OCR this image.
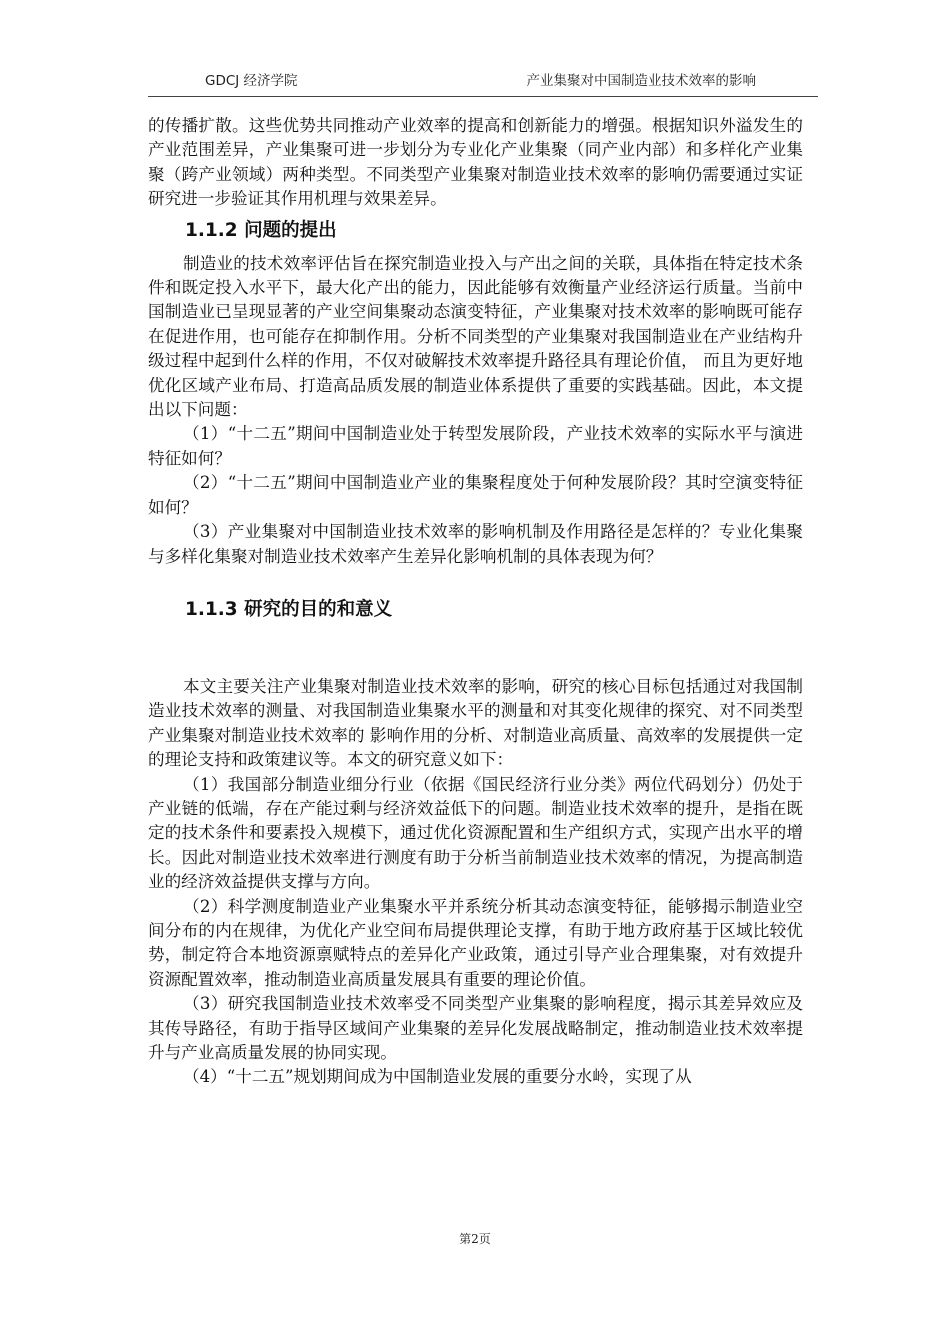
GDCJ 经济学院	产业集聚对中国制造业技术效率的影响

的传播扩散。这些优势共同推动产业效率的提高和创新能力的增强。根据知识外溢发生的产业范围差异，产业集聚可进一步划分为专业化产业集聚（同产业内部）和多样化产业集聚（跨产业领域）两种类型。不同类型产业集聚对制造业技术效率的影响仍需要通过实证研究进一步验证其作用机理与效果差异。

1.1.2 问题的提出

制造业的技术效率评估旨在探究制造业投入与产出之间的关联，具体指在特定技术条件和既定投入水平下，最大化产出的能力，因此能够有效衡量产业经济运行质量。当前中国制造业已呈现显著的产业空间集聚动态演变特征，产业集聚对技术效率的影响既可能存在促进作用，也可能存在抑制作用。分析不同类型的产业集聚对我国制造业在产业结构升级过程中起到什么样的作用，不仅对破解技术效率提升路径具有理论价值， 而且为更好地优化区域产业布局、打造高品质发展的制造业体系提供了重要的实践基础。因此，本文提出以下问题：

（1）“十二五”期间中国制造业处于转型发展阶段，产业技术效率的实际水平与演进特征如何？

（2）“十二五”期间中国制造业产业的集聚程度处于何种发展阶段？其时空演变特征如何？

（3）产业集聚对中国制造业技术效率的影响机制及作用路径是怎样的？专业化集聚与多样化集聚对制造业技术效率产生差异化影响机制的具体表现为何？

1.1.3 研究的目的和意义

本文主要关注产业集聚对制造业技术效率的影响，研究的核心目标包括通过对我国制造业技术效率的测量、对我国制造业集聚水平的测量和对其变化规律的探究、对不同类型产业集聚对制造业技术效率的 影响作用的分析、对制造业高质量、高效率的发展提供一定的理论支持和政策建议等。本文的研究意义如下：

（1）我国部分制造业细分行业（依据《国民经济行业分类》两位代码划分）仍处于产业链的低端，存在产能过剩与经济效益低下的问题。制造业技术效率的提升，是指在既定的技术条件和要素投入规模下，通过优化资源配置和生产组织方式，实现产出水平的增长。因此对制造业技术效率进行测度有助于分析当前制造业技术效率的情况，为提高制造业的经济效益提供支撑与方向。

（2）科学测度制造业产业集聚水平并系统分析其动态演变特征，能够揭示制造业空间分布的内在规律，为优化产业空间布局提供理论支撑，有助于地方政府基于区域比较优势，制定符合本地资源禀赋特点的差异化产业政策，通过引导产业合理集聚，对有效提升资源配置效率，推动制造业高质量发展具有重要的理论价值。

（3）研究我国制造业技术效率受不同类型产业集聚的影响程度，揭示其差异效应及其传导路径，有助于指导区域间产业集聚的差异化发展战略制定，推动制造业技术效率提升与产业高质量发展的协同实现。

（4）“十二五”规划期间成为中国制造业发展的重要分水岭，实现了从

第2页
